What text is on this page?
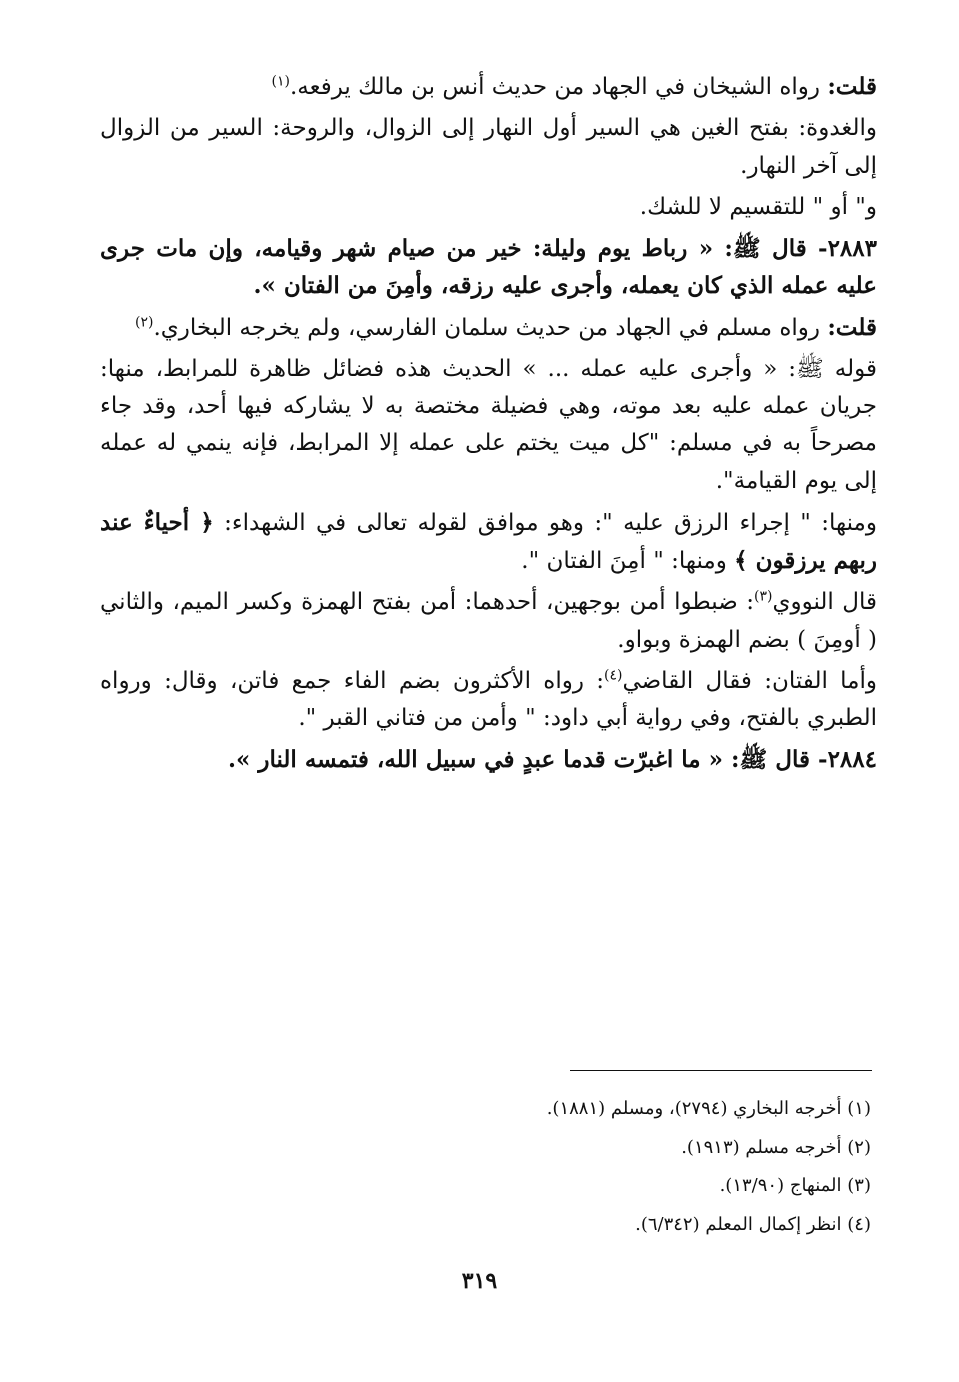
قلت: رواه الشيخان في الجهاد من حديث أنس بن مالك يرفعه.$^{(١)}$

والغدوة: بفتح الغين هي السير أول النهار إلى الزوال، والروحة: السير من الزوال إلى آخر النهار.

و" أو " للتقسيم لا للشك.

٢٨٨٣- قال ﷺ: « رباط يوم وليلة: خير من صيام شهر وقيامه، وإن مات جرى عليه عمله الذي كان يعمله، وأجرى عليه رزقه، وأمِنَ من الفتان ».

قلت: رواه مسلم في الجهاد من حديث سلمان الفارسي، ولم يخرجه البخاري.$^{(٢)}$

قوله ﷺ: « وأجرى عليه عمله ... » الحديث هذه فضائل ظاهرة للمرابط، منها: جريان عمله عليه بعد موته، وهي فضيلة مختصة به لا يشاركه فيها أحد، وقد جاء مصرحاً به في مسلم: "كل ميت يختم على عمله إلا المرابط، فإنه ينمي له عمله إلى يوم القيامة".

ومنها: " إجراء الرزق عليه ": وهو موافق لقوله تعالى في الشهداء: ﴿ أحياءٌ عند ربهم يرزقون ﴾ ومنها: " أمِنَ الفتان ".

قال النووي$^{(٣)}$: ضبطوا أمن بوجهين، أحدهما: أمن بفتح الهمزة وكسر الميم، والثاني ( أومِنَ ) بضم الهمزة وبواو.

وأما الفتان: فقال القاضي$^{(٤)}$: رواه الأكثرون بضم الفاء جمع فاتن، وقال: ورواه الطبري بالفتح، وفي رواية أبي داود: " وأمن من فتاني القبر ".

٢٨٨٤- قال ﷺ: « ما اغبرّت قدما عبدٍ في سبيل الله، فتمسه النار ».

(١) أخرجه البخاري (٢٧٩٤)، ومسلم (١٨٨١).
(٢) أخرجه مسلم (١٩١٣).
(٣) المنهاج (١٣/٩٠).
(٤) انظر إكمال المعلم (٦/٣٤٢).
٣١٩
